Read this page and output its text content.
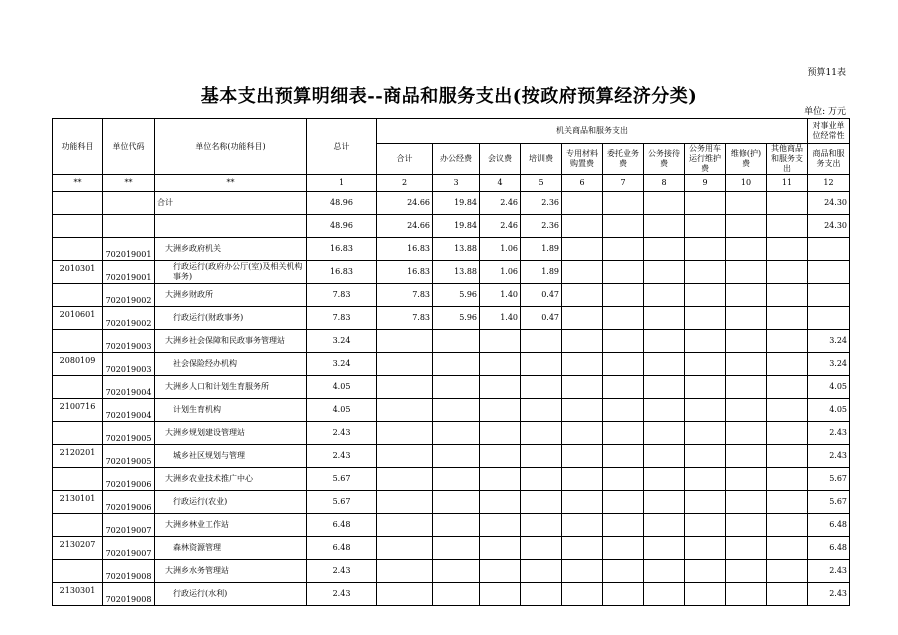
预算11表
基本支出预算明细表--商品和服务支出(按政府预算经济分类)
单位: 万元
功能科目	单位代码	单位名称(功能科目)	总计	机关商品和服务支出										对事业单位经常性
				合计	办公经费	会议费	培训费	专用材料购置费	委托业务费	公务接待费	公务用车运行维护费	维修(护)费	其他商品和服务支出	商品和服务支出
**	**	**	1	2	3	4	5	6	7	8	9	10	11	12
		合计	48.96	24.66	19.84	2.46	2.36							24.30
			48.96	24.66	19.84	2.46	2.36							24.30
	702019001	大洲乡政府机关	16.83	16.83	13.88	1.06	1.89							
2010301	702019001	行政运行(政府办公厅(室)及相关机构事务)	16.83	16.83	13.88	1.06	1.89							
	702019002	大洲乡财政所	7.83	7.83	5.96	1.40	0.47							
2010601	702019002	行政运行(财政事务)	7.83	7.83	5.96	1.40	0.47							
	702019003	大洲乡社会保障和民政事务管理站	3.24											3.24
2080109	702019003	社会保险经办机构	3.24											3.24
	702019004	大洲乡人口和计划生育服务所	4.05											4.05
2100716	702019004	计划生育机构	4.05											4.05
	702019005	大洲乡规划建设管理站	2.43											2.43
2120201	702019005	城乡社区规划与管理	2.43											2.43
	702019006	大洲乡农业技术推广中心	5.67											5.67
2130101	702019006	行政运行(农业)	5.67											5.67
	702019007	大洲乡林业工作站	6.48											6.48
2130207	702019007	森林资源管理	6.48											6.48
	702019008	大洲乡水务管理站	2.43											2.43
2130301	702019008	行政运行(水利)	2.43											2.43
